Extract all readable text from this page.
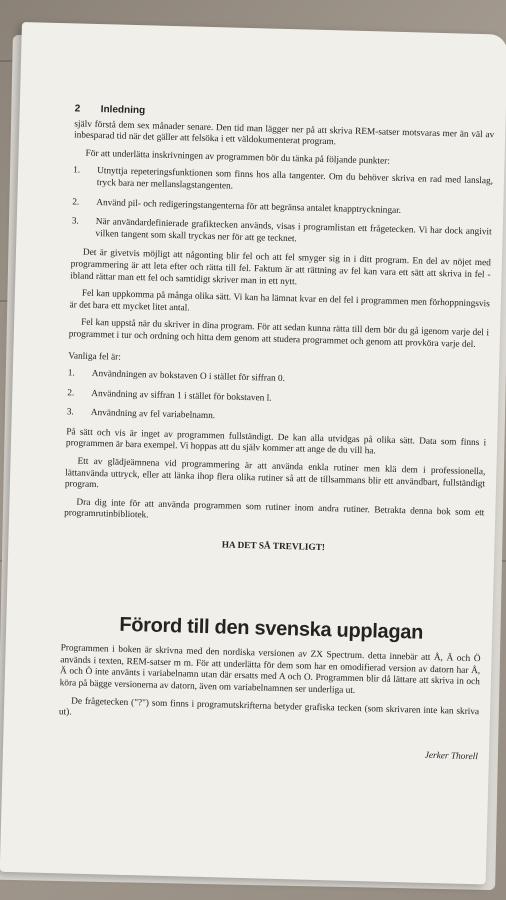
2 Inledning

själv förstå dem sex månader senare. Den tid man lägger ner på att skriva REM-satser motsvaras mer än väl av inbesparad tid när det gäller att felsöka i ett väldokumenterat program.

För att underlätta inskrivningen av programmen bör du tänka på följande punkter:

1.	Utnyttja repeteringsfunktionen som finns hos alla tangenter. Om du behöver skriva en rad med lanslag, tryck bara ner mellanslagstangenten.
2.	Använd pil- och redigeringstangenterna för att begränsa antalet knapptryckningar.
3.	När användardefinierade grafiktecken används, visas i programlistan ett frågetecken. Vi har dock angivit vilken tangent som skall tryckas ner för att ge tecknet.

Det är givetvis möjligt att någonting blir fel och att fel smyger sig in i ditt program. En del av nöjet med programmering är att leta efter och rätta till fel. Faktum är att rättning av fel kan vara ett sätt att skriva in fel - ibland rättar man ett fel och samtidigt skriver man in ett nytt.

Fel kan uppkomma på många olika sätt. Vi kan ha lämnat kvar en del fel i programmen men förhoppningsvis är det bara ett mycket litet antal.

Fel kan uppstå när du skriver in dina program. För att sedan kunna rätta till dem bör du gå igenom varje del i programmet i tur och ordning och hitta dem genom att studera programmet och genom att provköra varje del.

Vanliga fel är:

1.	Användningen av bokstaven O i stället för siffran 0.
2.	Användning av siffran 1 i stället för bokstaven l.
3.	Användning av fel variabelnamn.

På sätt och vis är inget av programmen fullständigt. De kan alla utvidgas på olika sätt. Data som finns i programmen är bara exempel. Vi hoppas att du själv kommer att ange de du vill ha.

Ett av glädjeämnena vid programmering är att använda enkla rutiner men klä dem i professionella, lättanvända uttryck, eller att länka ihop flera olika rutiner så att de tillsammans blir ett användbart, fullständigt program.

Dra dig inte för att använda programmen som rutiner inom andra rutiner. Betrakta denna bok som ett programrutinbibliotek.

HA DET SÅ TREVLIGT!
Förord till den svenska upplagan

Programmen i boken är skrivna med den nordiska versionen av ZX Spectrum. detta innebär att Å, Ä och Ö används i texten, REM-satser m m. För att underlätta för dem som har en omodifierad version av datorn har Å, Ä och Ö inte använts i variabelnamn utan där ersatts med A och O. Programmen blir då lättare att skriva in och köra på bägge versionerna av datorn, även om variabelnamnen ser underliga ut.

De frågetecken ("?") som finns i programutskrifterna betyder grafiska tecken (som skrivaren inte kan skriva ut).

Jerker Thorell
